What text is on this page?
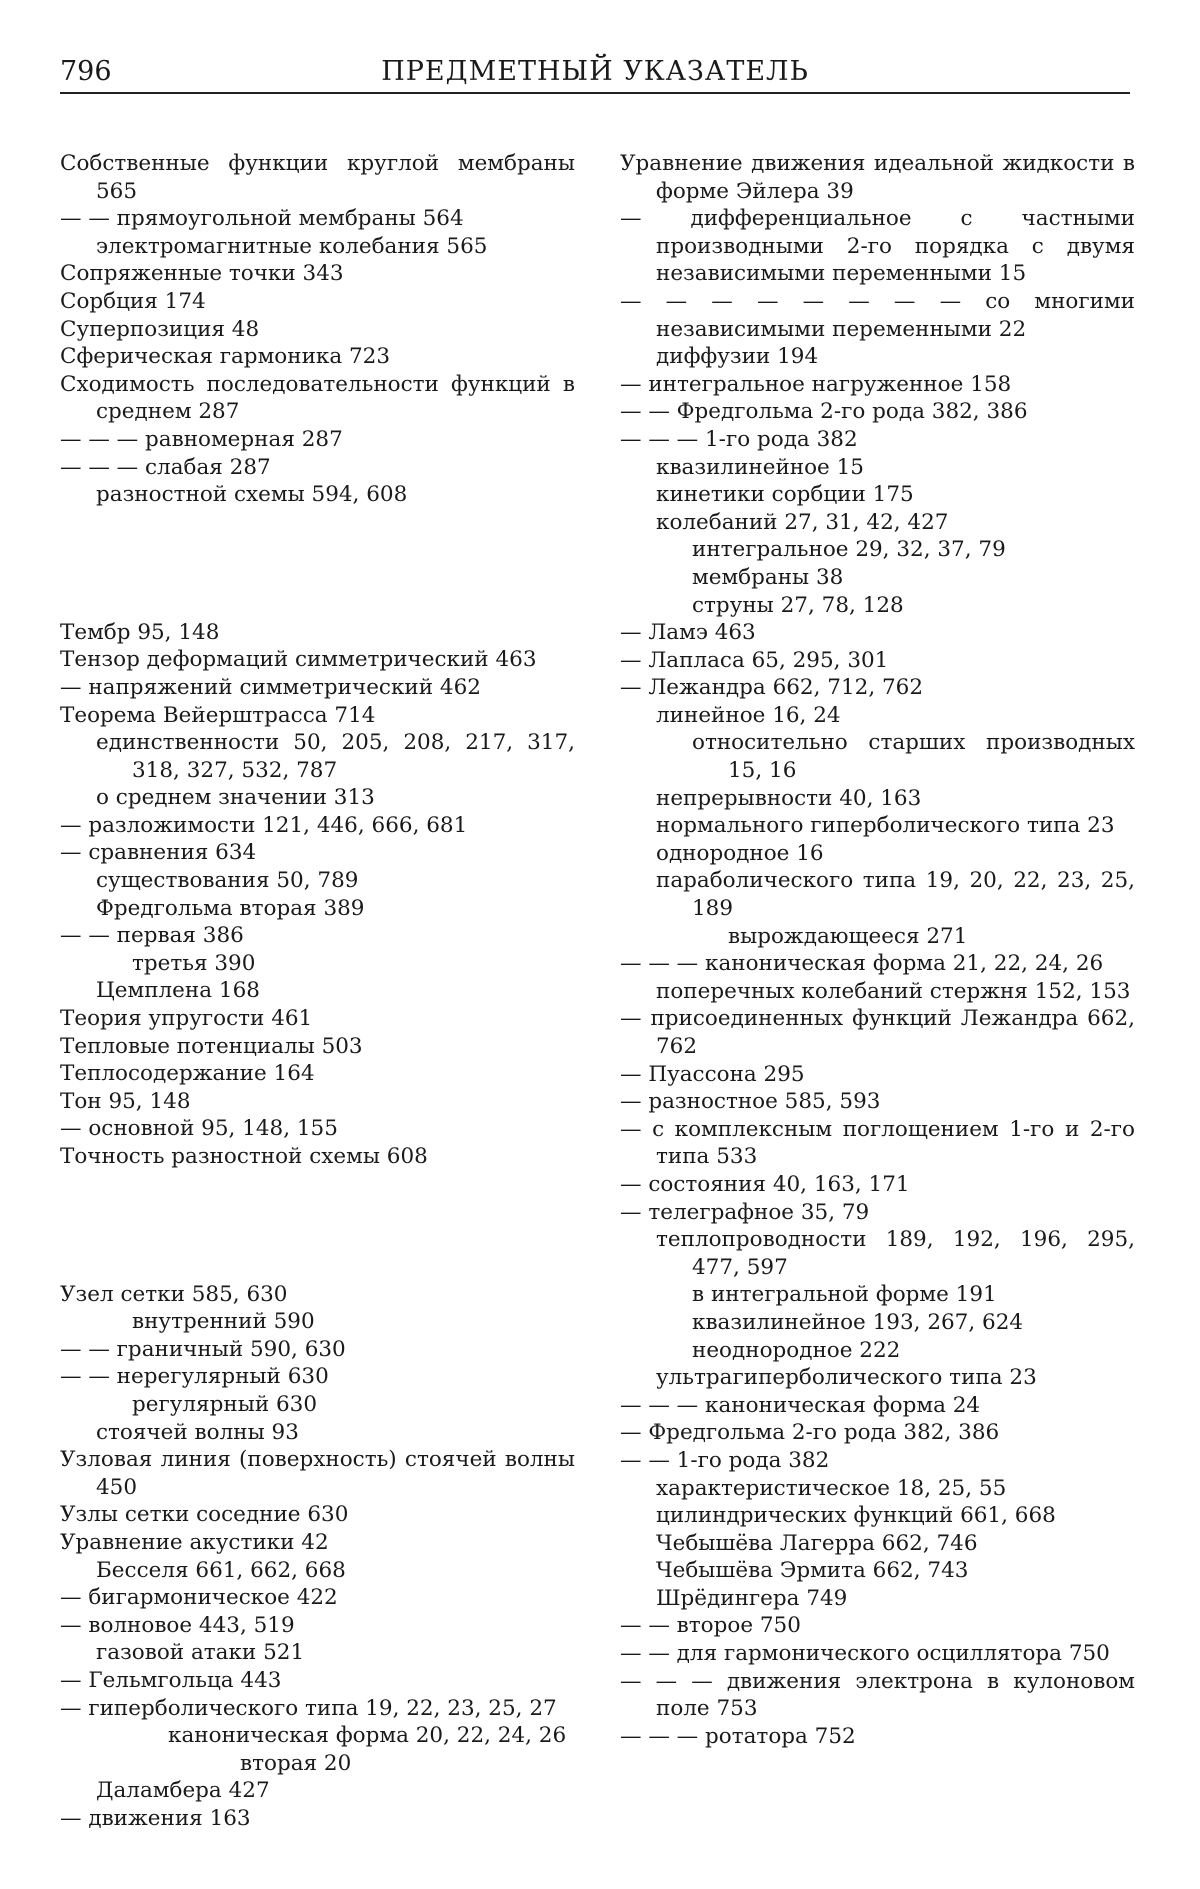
796	ПРЕДМЕТНЫЙ УКАЗАТЕЛЬ
Собственные функции круглой мембраны 565
— — прямоугольной мембраны 564
электромагнитные колебания 565
Сопряженные точки 343
Сорбция 174
Суперпозиция 48
Сферическая гармоника 723
Сходимость последовательности функций в среднем 287
— — — равномерная 287
— — — слабая 287
разностной схемы 594, 608
Тембр 95, 148
Тензор деформаций симметрический 463
— напряжений симметрический 462
Теорема Вейерштрасса 714
единственности 50, 205, 208, 217, 317, 318, 327, 532, 787
о среднем значении 313
— разложимости 121, 446, 666, 681
— сравнения 634
существования 50, 789
Фредгольма вторая 389
— — первая 386
третья 390
Цемплена 168
Теория упругости 461
Тепловые потенциалы 503
Теплосодержание 164
Тон 95, 148
— основной 95, 148, 155
Точность разностной схемы 608
Узел сетки 585, 630
внутренний 590
— — граничный 590, 630
— — нерегулярный 630
регулярный 630
стоячей волны 93
Узловая линия (поверхность) стоячей волны 450
Узлы сетки соседние 630
Уравнение акустики 42
Бесселя 661, 662, 668
— бигармоническое 422
— волновое 443, 519
газовой атаки 521
— Гельмгольца 443
— гиперболического типа 19, 22, 23, 25, 27
каноническая форма 20, 22, 24, 26
вторая 20
Даламбера 427
— движения 163
Уравнение движения идеальной жидкости в форме Эйлера 39
— дифференциальное с частными производными 2-го порядка с двумя независимыми переменными 15
— — — — — — — — со многими независимыми переменными 22
диффузии 194
— интегральное нагруженное 158
— — Фредгольма 2-го рода 382, 386
— — — 1-го рода 382
квазилинейное 15
кинетики сорбции 175
колебаний 27, 31, 42, 427
интегральное 29, 32, 37, 79
мембраны 38
струны 27, 78, 128
— Ламэ 463
— Лапласа 65, 295, 301
— Лежандра 662, 712, 762
линейное 16, 24
относительно старших производных 15, 16
непрерывности 40, 163
нормального гиперболического типа 23
однородное 16
параболического типа 19, 20, 22, 23, 25, 189
вырождающееся 271
— — — каноническая форма 21, 22, 24, 26
поперечных колебаний стержня 152, 153
— присоединенных функций Лежандра 662, 762
— Пуассона 295
— разностное 585, 593
— с комплексным поглощением 1-го и 2-го типа 533
— состояния 40, 163, 171
— телеграфное 35, 79
теплопроводности 189, 192, 196, 295, 477, 597
в интегральной форме 191
квазилинейное 193, 267, 624
неоднородное 222
ультрагиперболического типа 23
— — — каноническая форма 24
— Фредгольма 2-го рода 382, 386
— — 1-го рода 382
характеристическое 18, 25, 55
цилиндрических функций 661, 668
Чебышёва Лагерра 662, 746
Чебышёва Эрмита 662, 743
Шрёдингера 749
— — второе 750
— — для гармонического осциллятора 750
— — — движения электрона в кулоновом поле 753
— — — ротатора 752
